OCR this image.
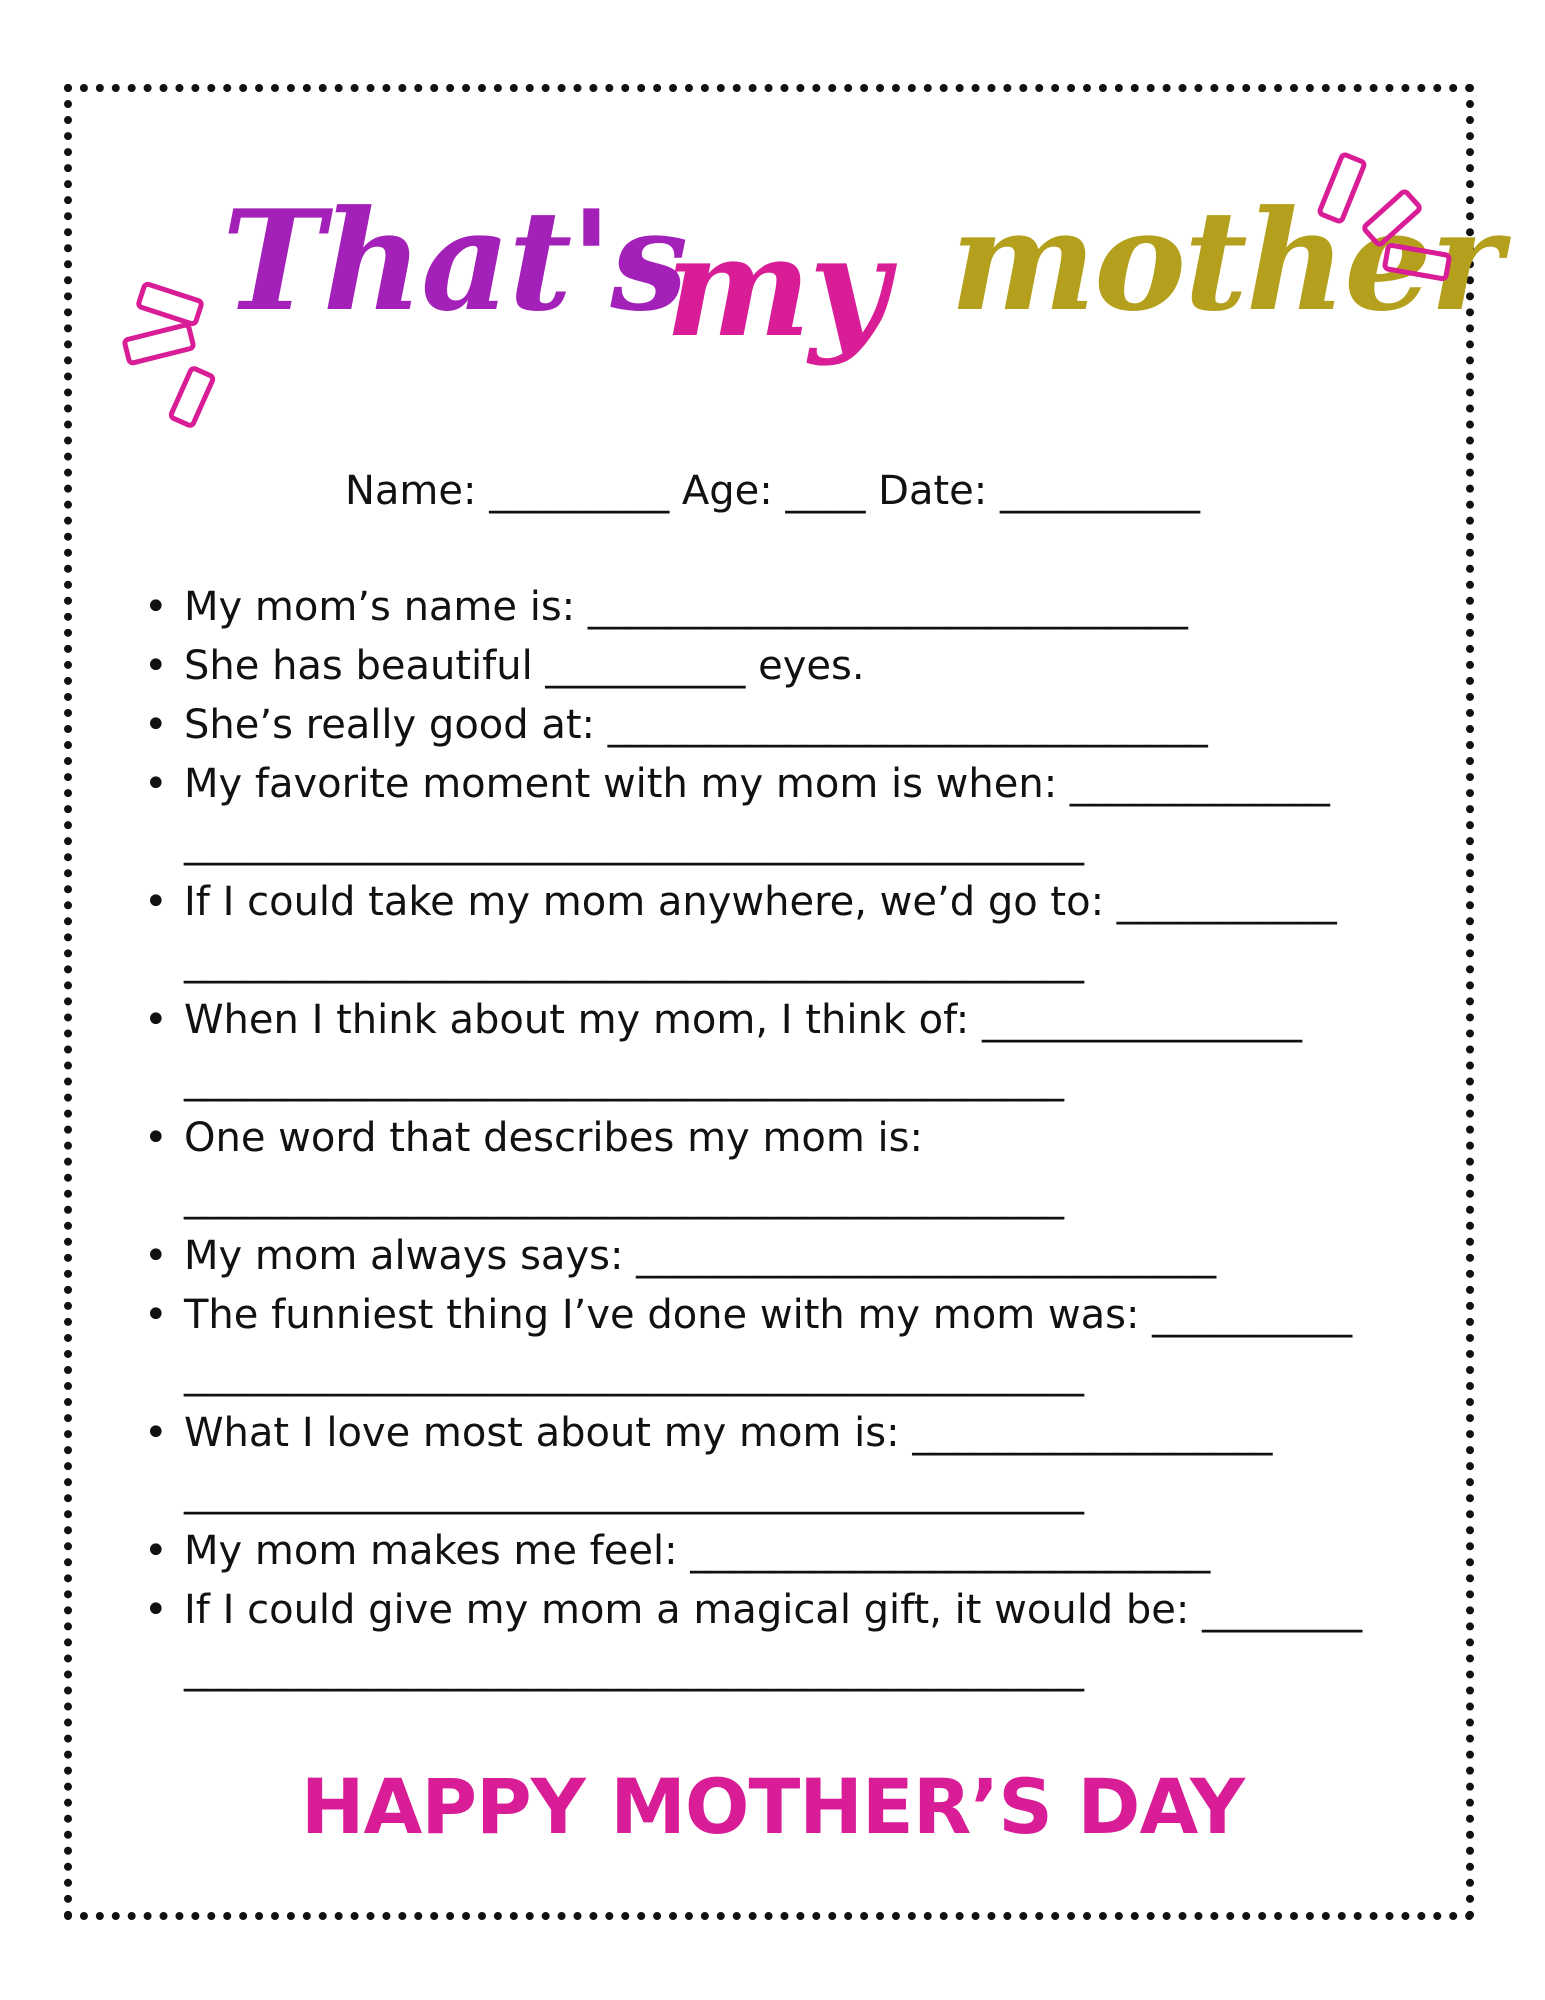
That's
my mother
Name: _________ Age: ____ Date: __________
• My mom’s name is: ______________________________
• She has beautiful __________ eyes.
• She’s really good at: ______________________________
• My favorite moment with my mom is when: _____________
_____________________________________________
• If I could take my mom anywhere, we’d go to: ___________
_____________________________________________
• When I think about my mom, I think of: ________________
____________________________________________
• One word that describes my mom is:
____________________________________________
• My mom always says: _____________________________
• The funniest thing I’ve done with my mom was: __________
_____________________________________________
• What I love most about my mom is: __________________
_____________________________________________
• My mom makes me feel: __________________________
• If I could give my mom a magical gift, it would be: ________
_____________________________________________
HAPPY MOTHER’S DAY
